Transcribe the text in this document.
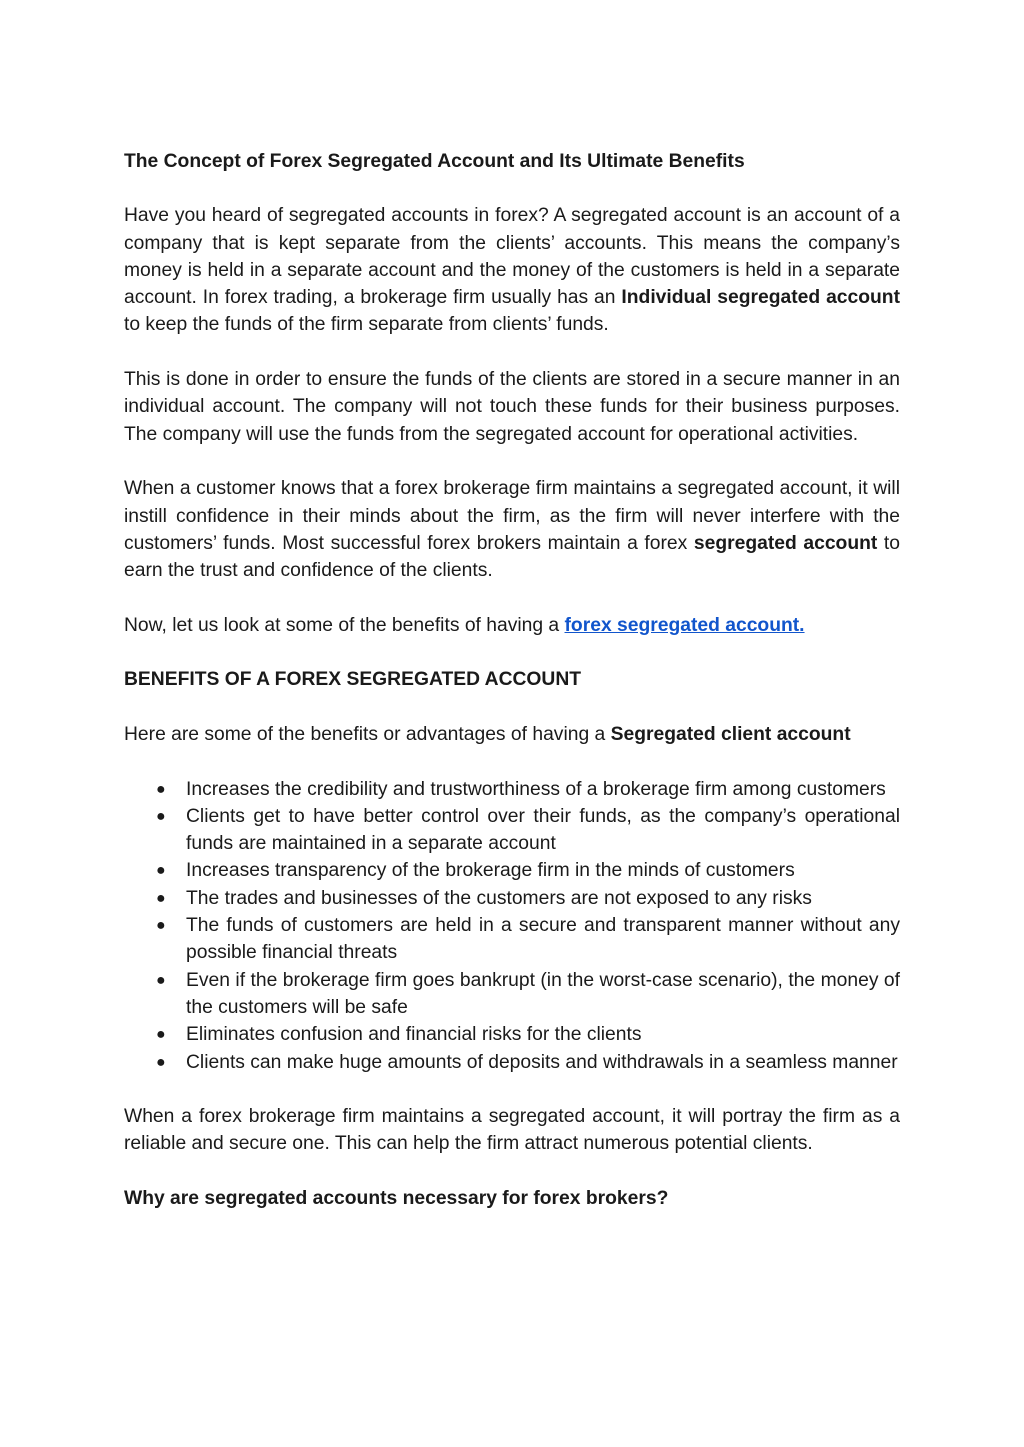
The Concept of Forex Segregated Account and Its Ultimate Benefits

Have you heard of segregated accounts in forex? A segregated account is an account of a company that is kept separate from the clients’ accounts. This means the company’s money is held in a separate account and the money of the customers is held in a separate account. In forex trading, a brokerage firm usually has an Individual segregated account to keep the funds of the firm separate from clients’ funds.

This is done in order to ensure the funds of the clients are stored in a secure manner in an individual account. The company will not touch these funds for their business purposes. The company will use the funds from the segregated account for operational activities.

When a customer knows that a forex brokerage firm maintains a segregated account, it will instill confidence in their minds about the firm, as the firm will never interfere with the customers’ funds. Most successful forex brokers maintain a forex segregated account to earn the trust and confidence of the clients.

Now, let us look at some of the benefits of having a forex segregated account.

BENEFITS OF A FOREX SEGREGATED ACCOUNT

Here are some of the benefits or advantages of having a Segregated client account

● Increases the credibility and trustworthiness of a brokerage firm among customers
● Clients get to have better control over their funds, as the company’s operational funds are maintained in a separate account
● Increases transparency of the brokerage firm in the minds of customers
● The trades and businesses of the customers are not exposed to any risks
● The funds of customers are held in a secure and transparent manner without any possible financial threats
● Even if the brokerage firm goes bankrupt (in the worst-case scenario), the money of the customers will be safe
● Eliminates confusion and financial risks for the clients
● Clients can make huge amounts of deposits and withdrawals in a seamless manner

When a forex brokerage firm maintains a segregated account, it will portray the firm as a reliable and secure one. This can help the firm attract numerous potential clients.

Why are segregated accounts necessary for forex brokers?
